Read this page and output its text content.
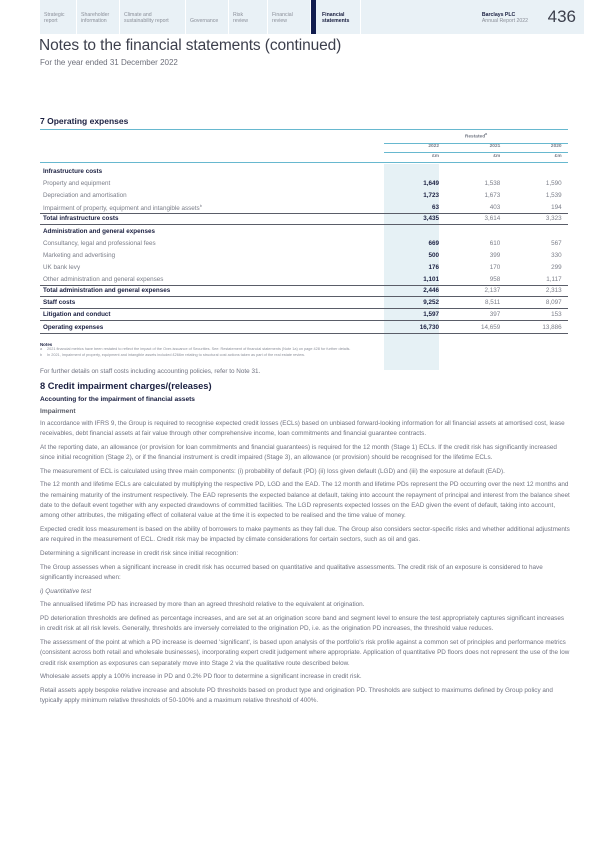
Strategic
report
Shareholder
information
Climate and
sustainability report	Governance
Risk
review
Financial
review
Financial
statements
Barclays PLC
Annual Report 2022 436
Notes to the financial statements (continued)
For the year ended 31 December 2022
7 Operating expenses
Restated$^a$
2022	2021	2020
£m	£m	£m
Infrastructure costs
Property and equipment	1,649	1,538	1,590
Depreciation and amortisation	1,723	1,673	1,539
Impairment of property, equipment and intangible assets$^b$	63	403	194
Total infrastructure costs	3,435	3,614	3,323
Administration and general expenses
Consultancy, legal and professional fees	669	610	567
Marketing and advertising	500	399	330
UK bank levy	176	170	299
Other administration and general expenses	1,101	958	1,117
Total administration and general expenses	2,446	2,137	2,313
Staff costs	9,252	8,511	8,097
Litigation and conduct	1,597	397	153
Operating expenses	16,730	14,659	13,886
Notes
a	2021 financial metrics have been restated to reflect the impact of the Over-issuance of Securities. See: Restatement of financial statements (Note 1a) on page 428 for further details.
b	In 2021, Impairment of property, equipment and intangible assets included £266m relating to structural cost actions taken as part of the real estate review.

For further details on staff costs including accounting policies, refer to Note 31.

8 Credit impairment charges/(releases)
Accounting for the impairment of financial assets
Impairment

In accordance with IFRS 9, the Group is required to recognise expected credit losses (ECLs) based on unbiased forward-looking information for all financial assets at amortised cost, lease receivables, debt financial assets at fair value through other comprehensive income, loan commitments and financial guarantee contracts.

At the reporting date, an allowance (or provision for loan commitments and financial guarantees) is required for the 12 month (Stage 1) ECLs. If the credit risk has significantly increased since initial recognition (Stage 2), or if the financial instrument is credit impaired (Stage 3), an allowance (or provision) should be recognised for the lifetime ECLs.

The measurement of ECL is calculated using three main components: (i) probability of default (PD) (ii) loss given default (LGD) and (iii) the exposure at default (EAD).

The 12 month and lifetime ECLs are calculated by multiplying the respective PD, LGD and the EAD. The 12 month and lifetime PDs represent the PD occurring over the next 12 months and the remaining maturity of the instrument respectively. The EAD represents the expected balance at default, taking into account the repayment of principal and interest from the balance sheet date to the default event together with any expected drawdowns of committed facilities. The LGD represents expected losses on the EAD given the event of default, taking into account, among other attributes, the mitigating effect of collateral value at the time it is expected to be realised and the time value of money.

Expected credit loss measurement is based on the ability of borrowers to make payments as they fall due. The Group also considers sector-specific risks and whether additional adjustments are required in the measurement of ECL. Credit risk may be impacted by climate considerations for certain sectors, such as oil and gas.

Determining a significant increase in credit risk since initial recognition:

The Group assesses when a significant increase in credit risk has occurred based on quantitative and qualitative assessments. The credit risk of an exposure is considered to have significantly increased when:

i) Quantitative test

The annualised lifetime PD has increased by more than an agreed threshold relative to the equivalent at origination.

PD deterioration thresholds are defined as percentage increases, and are set at an origination score band and segment level to ensure the test appropriately captures significant increases in credit risk at all risk levels. Generally, thresholds are inversely correlated to the origination PD, i.e. as the origination PD increases, the threshold value reduces.

The assessment of the point at which a PD increase is deemed 'significant', is based upon analysis of the portfolio's risk profile against a common set of principles and performance metrics (consistent across both retail and wholesale businesses), incorporating expert credit judgement where appropriate. Application of quantitative PD floors does not represent the use of the low credit risk exemption as exposures can separately move into Stage 2 via the qualitative route described below.

Wholesale assets apply a 100% increase in PD and 0.2% PD floor to determine a significant increase in credit risk.

Retail assets apply bespoke relative increase and absolute PD thresholds based on product type and origination PD. Thresholds are subject to maximums defined by Group policy and typically apply minimum relative thresholds of 50-100% and a maximum relative threshold of 400%.
